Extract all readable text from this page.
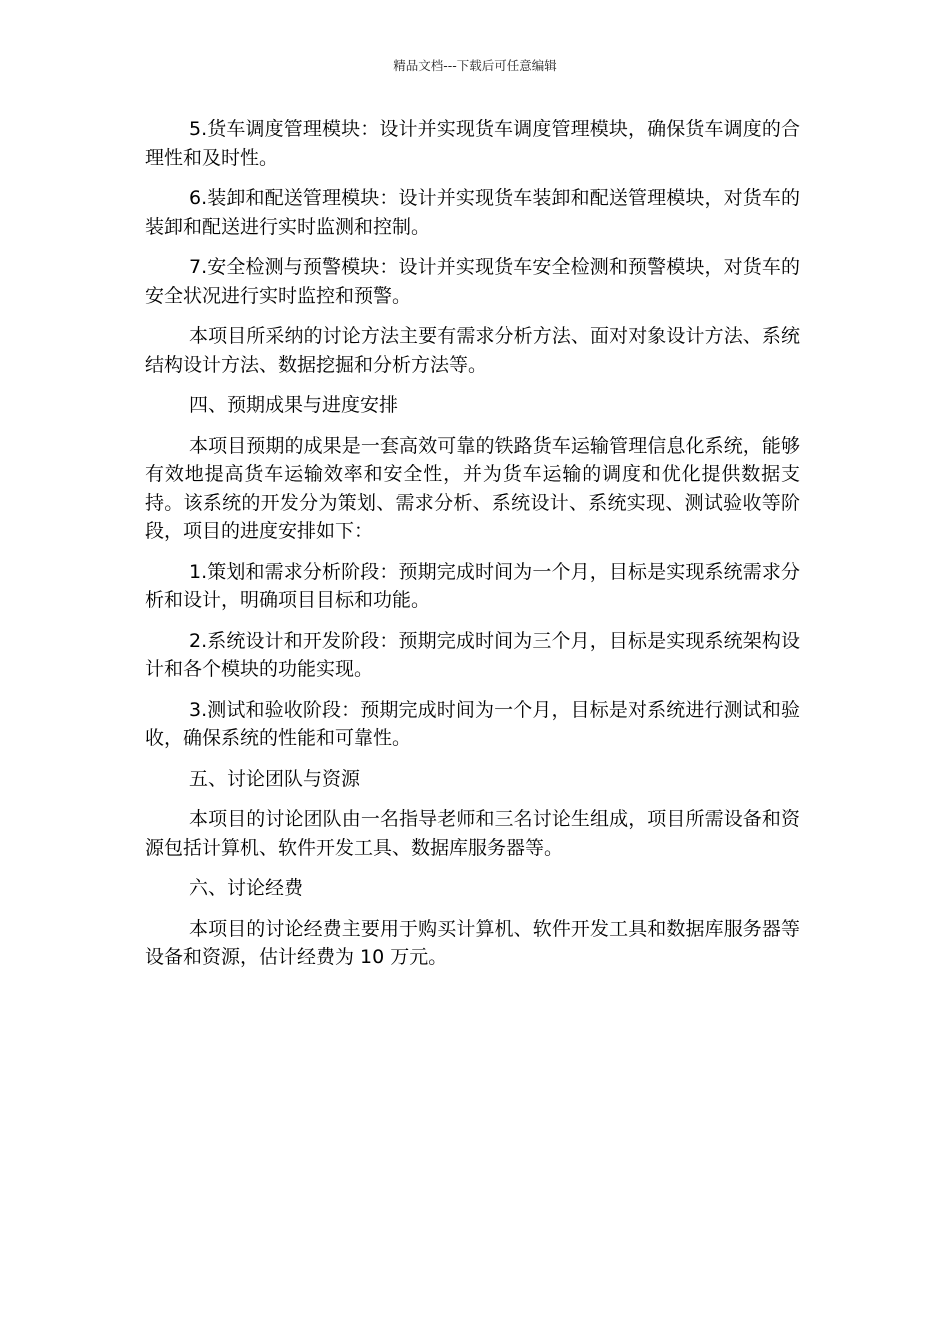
精品文档---下载后可任意编辑

5.货车调度管理模块：设计并实现货车调度管理模块，确保货车调度的合理性和及时性。

6.装卸和配送管理模块：设计并实现货车装卸和配送管理模块，对货车的装卸和配送进行实时监测和控制。

7.安全检测与预警模块：设计并实现货车安全检测和预警模块，对货车的安全状况进行实时监控和预警。

本项目所采纳的讨论方法主要有需求分析方法、面对对象设计方法、系统结构设计方法、数据挖掘和分析方法等。

四、预期成果与进度安排

本项目预期的成果是一套高效可靠的铁路货车运输管理信息化系统，能够有效地提高货车运输效率和安全性，并为货车运输的调度和优化提供数据支持。该系统的开发分为策划、需求分析、系统设计、系统实现、测试验收等阶段，项目的进度安排如下：

1.策划和需求分析阶段：预期完成时间为一个月，目标是实现系统需求分析和设计，明确项目目标和功能。

2.系统设计和开发阶段：预期完成时间为三个月，目标是实现系统架构设计和各个模块的功能实现。

3.测试和验收阶段：预期完成时间为一个月，目标是对系统进行测试和验收，确保系统的性能和可靠性。

五、讨论团队与资源

本项目的讨论团队由一名指导老师和三名讨论生组成，项目所需设备和资源包括计算机、软件开发工具、数据库服务器等。

六、讨论经费

本项目的讨论经费主要用于购买计算机、软件开发工具和数据库服务器等设备和资源，估计经费为 10 万元。
